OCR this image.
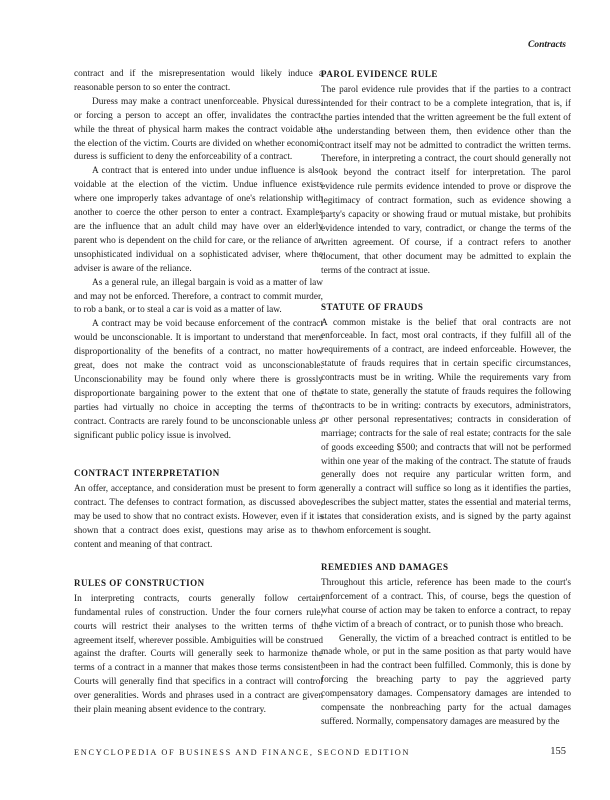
Contracts

contract and if the misrepresentation would likely induce a reasonable person to so enter the contract.

Duress may make a contract unenforceable. Physical duress, or forcing a person to accept an offer, invalidates the contract, while the threat of physical harm makes the contract voidable at the election of the victim. Courts are divided on whether economic duress is sufficient to deny the enforceability of a contract.

A contract that is entered into under undue influence is also voidable at the election of the victim. Undue influence exists where one improperly takes advantage of one's relationship with another to coerce the other person to enter a contract. Examples are the influence that an adult child may have over an elderly parent who is dependent on the child for care, or the reliance of an unsophisticated individual on a sophisticated adviser, where the adviser is aware of the reliance.

As a general rule, an illegal bargain is void as a matter of law and may not be enforced. Therefore, a contract to commit murder, to rob a bank, or to steal a car is void as a matter of law.

A contract may be void because enforcement of the contract would be unconscionable. It is important to understand that mere disproportionality of the benefits of a contract, no matter how great, does not make the contract void as unconscionable. Unconscionability may be found only where there is grossly disproportionate bargaining power to the extent that one of the parties had virtually no choice in accepting the terms of the contract. Contracts are rarely found to be unconscionable unless a significant public policy issue is involved.

CONTRACT INTERPRETATION

An offer, acceptance, and consideration must be present to form a contract. The defenses to contract formation, as discussed above, may be used to show that no contract exists. However, even if it is shown that a contract does exist, questions may arise as to the content and meaning of that contract.

RULES OF CONSTRUCTION

In interpreting contracts, courts generally follow certain fundamental rules of construction. Under the four corners rule, courts will restrict their analyses to the written terms of the agreement itself, wherever possible. Ambiguities will be construed against the drafter. Courts will generally seek to harmonize the terms of a contract in a manner that makes those terms consistent. Courts will generally find that specifics in a contract will control over generalities. Words and phrases used in a contract are given their plain meaning absent evidence to the contrary.

PAROL EVIDENCE RULE

The parol evidence rule provides that if the parties to a contract intended for their contract to be a complete integration, that is, if the parties intended that the written agreement be the full extent of the understanding between them, then evidence other than the contract itself may not be admitted to contradict the written terms. Therefore, in interpreting a contract, the court should generally not look beyond the contract itself for interpretation. The parol evidence rule permits evidence intended to prove or disprove the legitimacy of contract formation, such as evidence showing a party's capacity or showing fraud or mutual mistake, but prohibits evidence intended to vary, contradict, or change the terms of the written agreement. Of course, if a contract refers to another document, that other document may be admitted to explain the terms of the contract at issue.

STATUTE OF FRAUDS

A common mistake is the belief that oral contracts are not enforceable. In fact, most oral contracts, if they fulfill all of the requirements of a contract, are indeed enforceable. However, the statute of frauds requires that in certain specific circumstances, contracts must be in writing. While the requirements vary from state to state, generally the statute of frauds requires the following contracts to be in writing: contracts by executors, administrators, or other personal representatives; contracts in consideration of marriage; contracts for the sale of real estate; contracts for the sale of goods exceeding $500; and contracts that will not be performed within one year of the making of the contract. The statute of frauds generally does not require any particular written form, and generally a contract will suffice so long as it identifies the parties, describes the subject matter, states the essential and material terms, states that consideration exists, and is signed by the party against whom enforcement is sought.

REMEDIES AND DAMAGES

Throughout this article, reference has been made to the court's enforcement of a contract. This, of course, begs the question of what course of action may be taken to enforce a contract, to repay the victim of a breach of contract, or to punish those who breach.

Generally, the victim of a breached contract is entitled to be made whole, or put in the same position as that party would have been in had the contract been fulfilled. Commonly, this is done by forcing the breaching party to pay the aggrieved party compensatory damages. Compensatory damages are intended to compensate the nonbreaching party for the actual damages suffered. Normally, compensatory damages are measured by the

ENCYCLOPEDIA OF BUSINESS AND FINANCE, SECOND EDITION	155
